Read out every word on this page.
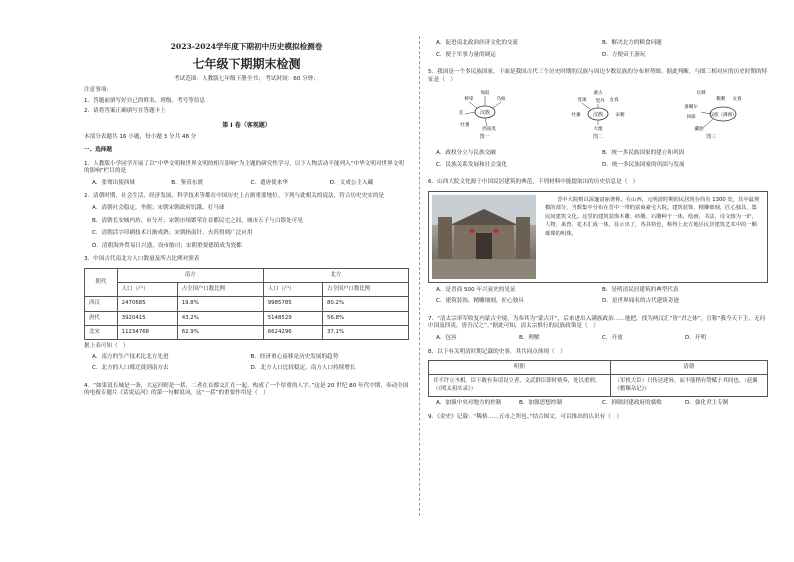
2023-2024学年度下期初中历史模拟检测卷
七年级下期期末检测
考试范围：人教版七年级下册全书； 考试时间：60 分钟；
注意事项：
1．答题前填写好自己的姓名、班级、考号等信息
2．请将答案正确填写在答题卡上
第 I 卷（客观题）
本部分表题共 16 小题，每小题 3 分共 48 分
一、选择题
1．人教版小学同学开展了以“中华文明和世界文明的相互影响”为主题的研究性学习，以下人物活动不能列入“中华文明对世界文明的影响”栏目的是
A．张骞出使西域	B．鉴真东渡	C．遣唐使来华	D．文成公主入藏
2．清朝时期，社会生活、经济发展、科学技术等都在中国历史上占据重要地位。下列与此相关的说法，符合历史史实的是
A．清朝社会稳定，坐朝；宋朝宋朝政府饥饿、打马球
B．清朝长安城内坊、市分开；宋朝市场繁荣在首都民宅之间，城市五子与白银处可见
C．清朝活字印刷技术日渐成熟；宋朝指南针、火药得到广泛应用
D．清朝海外贸易日兴盛，设市舶司；宋朝重要德镇成为瓷都
3．中国古代南北方人口数量及所占比例对照表
朝代	南方		北方	
	人口（户）	占全国户口数比例	人口（户）	占全国户口数比例
西汉	2470685	19.8%	9985785	80.2%
唐代	3920415	43.2%	5148529	56.8%
北宋	11234768	62.9%	6624296	37.1%
据上表可知（　）
A．南方的生产技术比北方先进	B．经济重心南移是历史发展的趋势
C．北方的人口都迁徙到南方去	D．北方人口比较稳定，南方人口持续增长
4．“如果说长城是一条，大运河则是一括，二者在首都交汇在一起，构成了一个厚重的人字。”这是 20 世纪 80 年代中期，奏动全国的电视专题片《话说运河》的第一句解说词。这“一括”的重要作用是（　）
A．促进南北政治经济文化的交流	B．解决北方的粮食问题
C．便于军事力量的调运	D．方便帝王游玩
5．我国是一个多民族国家，下面是我国古代三个历史时期的汉族与周边少数民族的分布形势图。据此判断，与图三相对应的历史时期的特征是（　）
汉族
匈奴
鲜卑	乌桓
羌
吐番
西南夷
图一
汉族
蒙古
女真
党项 契丹
宋朝
吐蕃
大理
图二
汉族（满洲）
瓦剌
鞑靼 女真
准噶尔
回部
藏族
图三
A．政权分立与民族交融	B．统一多民族国家的建立和巩固
C．民族关系发展和社会变化	D．统一多民族国家的巩固与发展
6．山西大院文化源于中国民居建筑的典范，下列材料中能提取出的历史信息是（　）
晋中大院则以深邃富丽著称。在山西，元明清时期的民居现存尚有 1300 处，其中最规模的部分，当数集中分布在晋中一带的富商豪宅大院。建筑装饰，精雕细刻，匠心独具，集民间建筑文化。这里的建筑装饰木雕、砖雕、石雕种于一体，绘画、书法、诗文熔为一炉，人物、禽兽、花木汇成一体，显示出了，各具特色，称得上北方地区民居建筑艺术中的一颗璀璨的明珠。
A．是晋商 500 年兴衰史的见证	B．是明清民居建筑的典型代表
C．建筑装饰，精雕细刻，匠心独具	D．是世界闻名的古代建筑奇迹
7．“清太宗率军收复内蒙古全境，为奉其为“蒙古汗”，后来进出入满族政治……他把，找为两汉汇”皆“君之体”，宣称“我今天下主，无问中国及四夷，皆吾汉之”。”据此可知，清太宗推行的民族政策是（　）
A．包容	B．理解	C．开放	D．开明
8．以下有关明清时期记载的史事，其共同点体现（　）
明朝	清朝
并不许立丞相。臣下敢有奏请设立者，文武群臣即时劾奏，处以重刑。（《明太祖实录》）	（军机大臣）只传达述旨，而不能稍有赞赋于其间也。（赵翼《檐曝杂记》）
A．加强中央对地方的控制	B．加强思想控制	C．抑制封建政府的腐败	D．强化君主专制
9．《金史》记载：“稀格……五市之所也。”结合图文，可以推出的认识有（　）
